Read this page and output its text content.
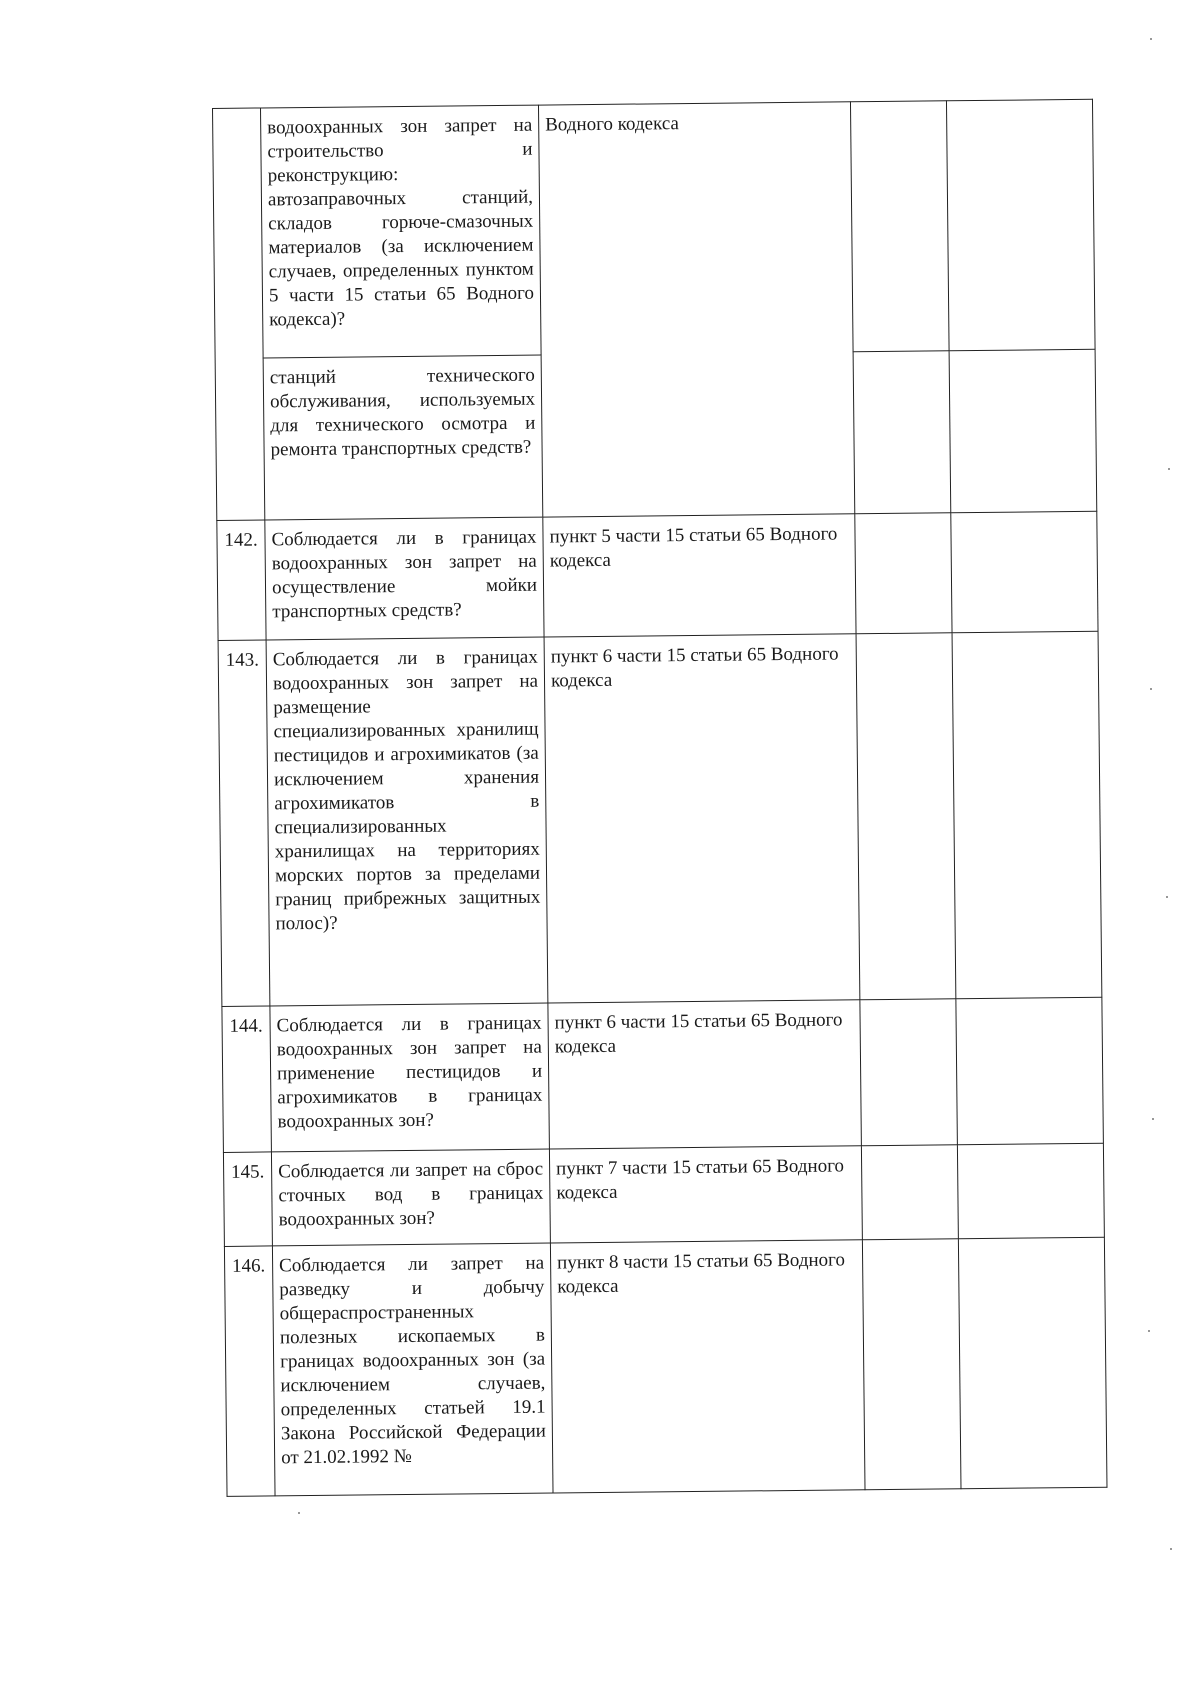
	водоохранных зон запрет на строительство и реконструкцию: автозаправочных станций, складов горюче-смазочных материалов (за исключением случаев, определенных пунктом 5 части 15 статьи 65 Водного кодекса)?	Водного кодекса		
	станций технического обслуживания, используемых для технического осмотра и ремонта транспортных средств?			
142.	Соблюдается ли в границах водоохранных зон запрет на осуществление мойки транспортных средств?	пункт 5 части 15 статьи 65 Водного кодекса		
143.	Соблюдается ли в границах водоохранных зон запрет на размещение специализированных хранилищ пестицидов и агрохимикатов (за исключением хранения агрохимикатов в специализированных хранилищах на территориях морских портов за пределами границ прибрежных защитных полос)?	пункт 6 части 15 статьи 65 Водного кодекса		
144.	Соблюдается ли в границах водоохранных зон запрет на применение пестицидов и агрохимикатов в границах водоохранных зон?	пункт 6 части 15 статьи 65 Водного кодекса		
145.	Соблюдается ли запрет на сброс сточных вод в границах водоохранных зон?	пункт 7 части 15 статьи 65 Водного кодекса		
146.	Соблюдается ли запрет на разведку и добычу общераспространенных полезных ископаемых в границах водоохранных зон (за исключением случаев, определенных статьей 19.1 Закона Российской Федерации от 21.02.1992 №	пункт 8 части 15 статьи 65 Водного кодекса		
